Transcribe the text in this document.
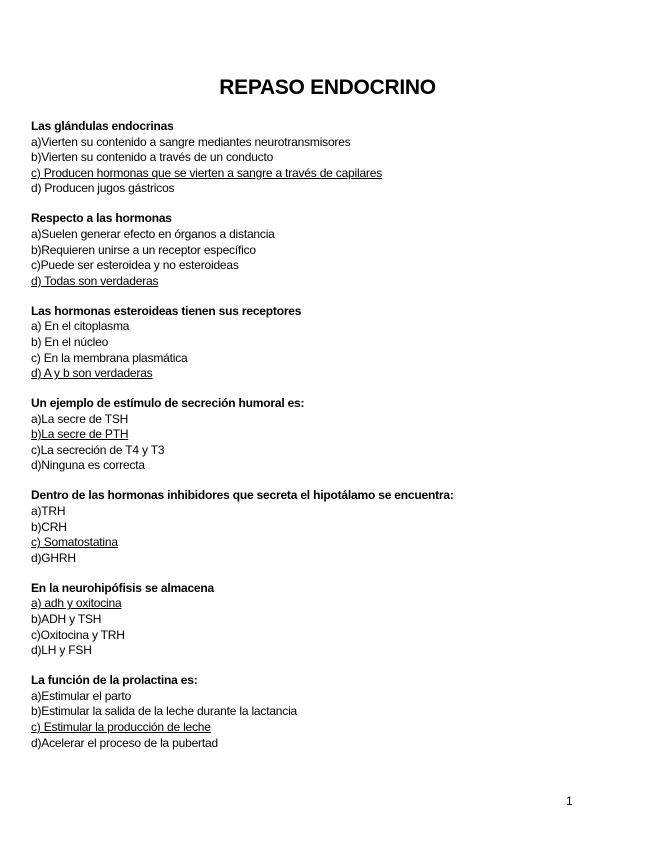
REPASO ENDOCRINO
Las glándulas endocrinas
a)Vierten su contenido a sangre mediantes neurotransmisores
b)Vierten su contenido a través de un conducto
c) Producen hormonas que se vierten a sangre a través de capilares
d) Producen jugos gástricos
Respecto a las hormonas
a)Suelen generar efecto en órganos a distancia
b)Requieren unirse a un receptor específico
c)Puede ser esteroidea y no esteroideas
d) Todas son verdaderas
Las hormonas esteroideas tienen sus receptores
a) En el citoplasma
b) En el núcleo
c) En la membrana plasmática
d) A y b son verdaderas
Un ejemplo de estímulo de secreción humoral es:
a)La secre de TSH
b)La secre de PTH
c)La secreción de T4 y T3
d)Ninguna es correcta
Dentro de las hormonas inhibidores que secreta el hipotálamo se encuentra:
a)TRH
b)CRH
c) Somatostatina
d)GHRH
En la neurohipófisis se almacena
a) adh y oxitocina
b)ADH y TSH
c)Oxitocina y TRH
d)LH y FSH
La función de la prolactina es:
a)Estimular el parto
b)Estimular la salida de la leche durante la lactancia
c) Estimular la producción de leche
d)Acelerar el proceso de la pubertad
1
